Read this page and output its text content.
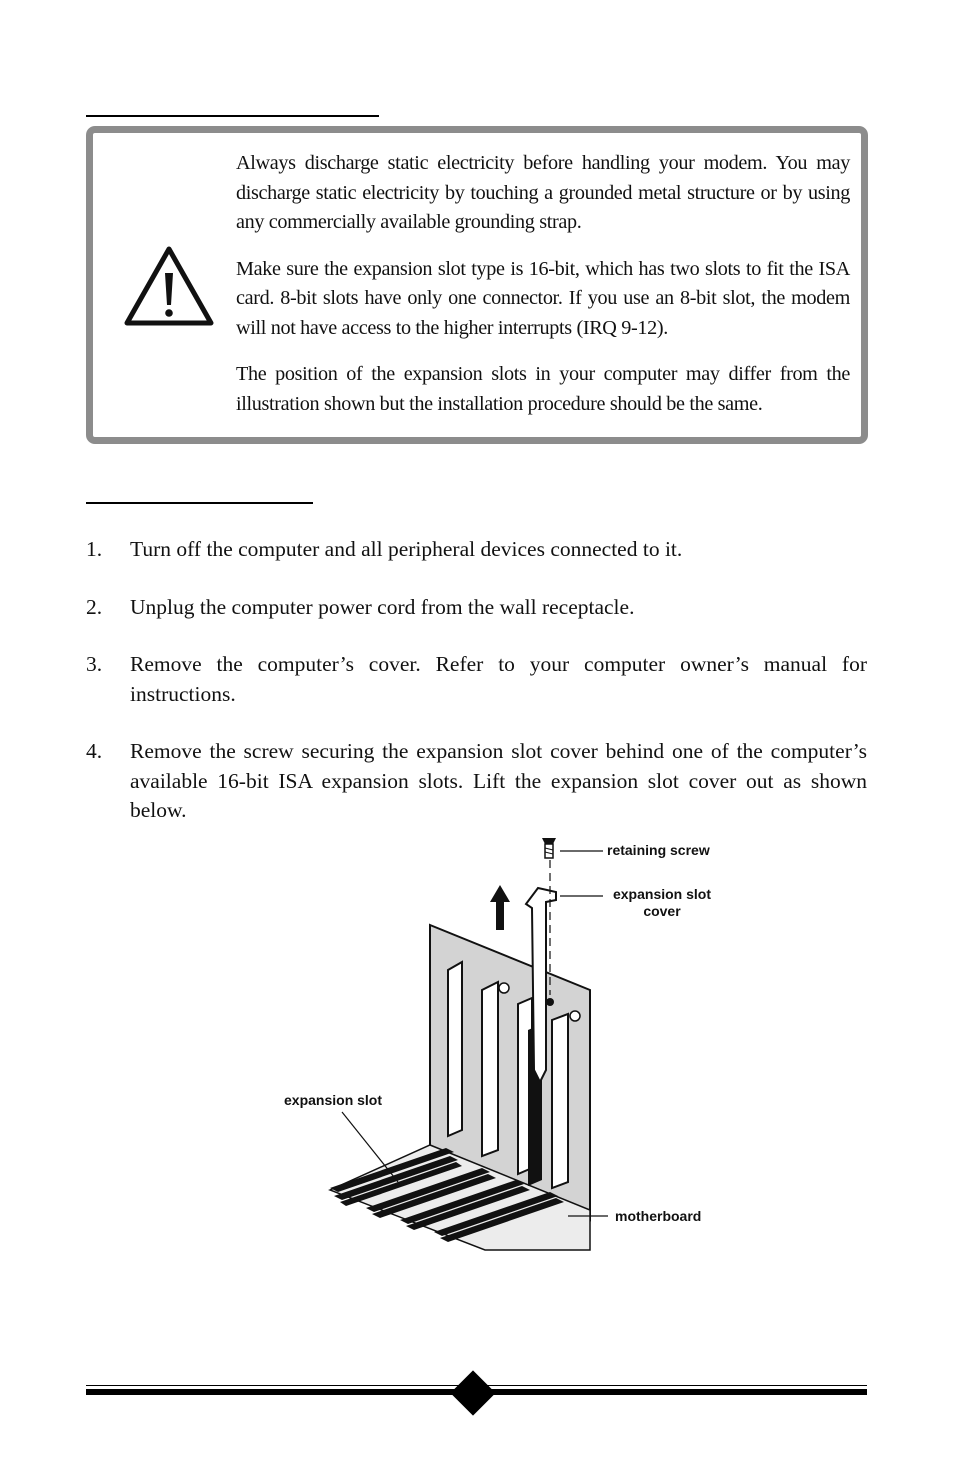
Always discharge static electricity before handling your modem. You may discharge static electricity by touching a grounded metal structure or by using any commercially available grounding strap.

Make sure the expansion slot type is 16-bit, which has two slots to fit the ISA card. 8-bit slots have only one connector. If you use an 8-bit slot, the modem will not have access to the higher interrupts (IRQ 9-12).

The position of the expansion slots in your computer may differ from the illustration shown but the installation procedure should be the same.

1.	Turn off the computer and all peripheral devices connected to it.
2.	Unplug the computer power cord from the wall receptacle.
3.	Remove the computer’s cover. Refer to your computer owner’s manual for instructions.
4.	Remove the screw securing the expansion slot cover behind one of the computer’s available 16-bit ISA expansion slots. Lift the expansion slot cover out as shown below.
retaining screw
expansion slot cover
expansion slot
motherboard
